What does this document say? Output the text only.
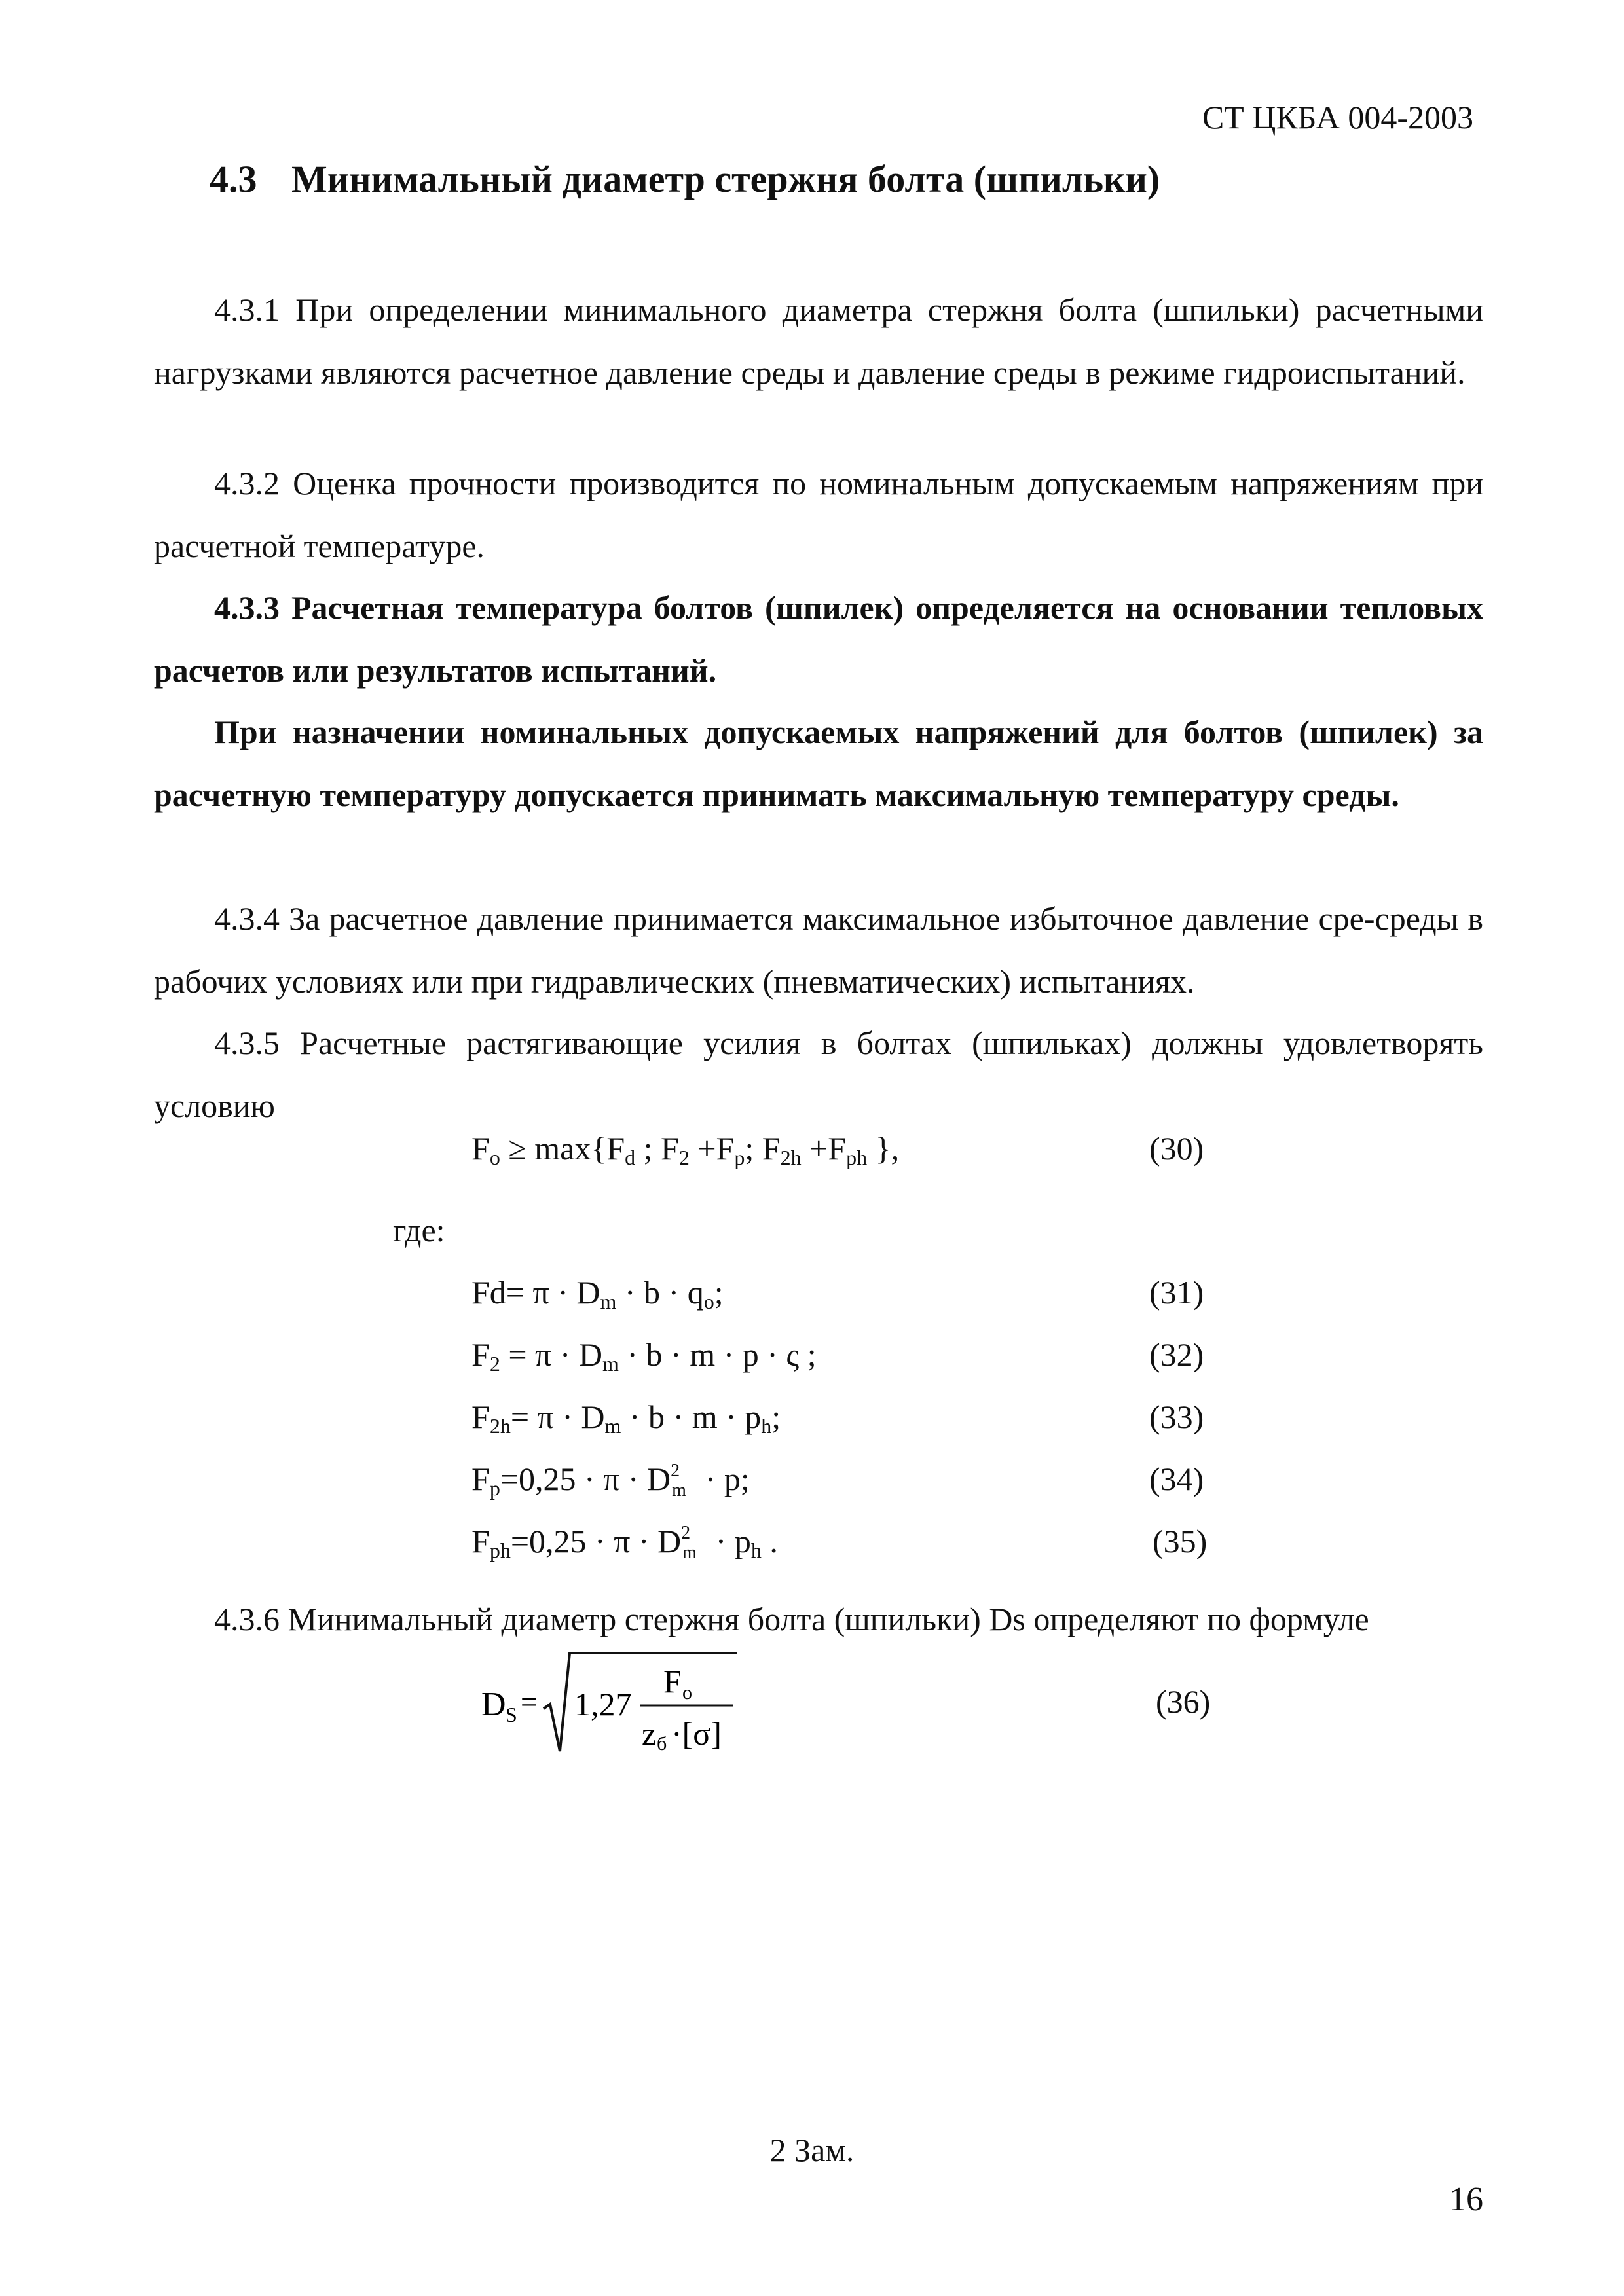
СТ ЦКБА 004-2003
4.3 Минимальный диаметр стержня болта (шпильки)
4.3.1 При определении минимального диаметра стержня болта (шпильки) расчетными нагрузками являются расчетное давление среды и давление среды в режиме гидроиспытаний.
4.3.2 Оценка прочности производится по номинальным допускаемым напряжениям при расчетной температуре.
4.3.3 Расчетная температура болтов (шпилек) определяется на основании тепловых расчетов или результатов испытаний.
При назначении номинальных допускаемых напряжений для болтов (шпилек) за расчетную температуру допускается принимать максимальную температуру среды.
4.3.4 За расчетное давление принимается максимальное избыточное давление сре-среды в рабочих условиях или при гидравлических (пневматических) испытаниях.
4.3.5 Расчетные растягивающие усилия в болтах (шпильках) должны удовлетворять условию
$F_o \ge \max\{F_d$ ; $F_2 +F_p$; $F_{2h} +F_{ph}$ },	(30)
где:
$Fd= \pi \cdot D_m \cdot b \cdot q_o$;	(31)
$F_2 = \pi \cdot D_m \cdot b \cdot m \cdot p \cdot \varsigma$ ;	(32)
$F_{2h}= \pi \cdot D_m \cdot b \cdot m \cdot p_h$;	(33)
$F_p=0,25 \cdot \pi \cdot D$ 2
m · p;	(34)
$F_{ph}=0,25 \cdot \pi \cdot D$ 2
$m \cdot p_h$ .	(35)
4.3.6 Минимальный диаметр стержня болта (шпильки) Ds определяют по формуле
D S = 1,27
F o
z б ·[σ]
(36)
2 Зам.
16
